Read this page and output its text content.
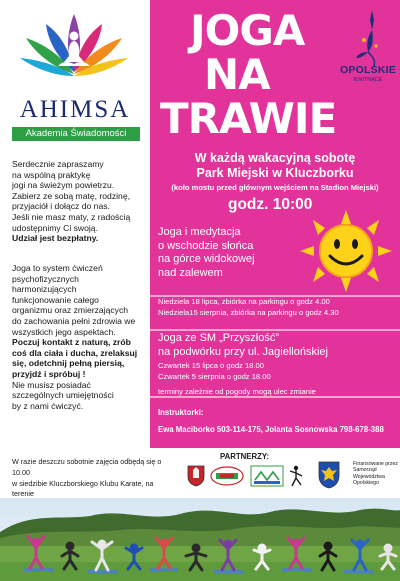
AHIMSA
Akademia Świadomości

Serdecznie zapraszamy

na wspólną praktykę

jogi na świeżym powietrzu.

Zabierz ze sobą matę, rodzinę,

przyjaciół i dołącz do nas.

Jeśli nie masz maty, z radością

udostępnimy Ci swoją.

Udział jest bezpłatny.

Joga to system ćwiczeń

psychofizycznych

harmonizujących

funkcjonowanie całego

organizmu oraz zmierzających

do zachowania pełni zdrowia we

wszystkich jego aspektach.

Poczuj kontakt z naturą, zrób

coś dla ciała i ducha, zrelaksuj

się, odetchnij pełną piersią,

przyjdź i spróbuj !

Nie musisz posiadać

szczególnych umiejętności

by z nami ćwiczyć.

JOGA
NA
TRAWIE
OPOLSKIE
KWITNĄCE
W każdą wakacyjną sobotę
Park Miejski w Kluczborku
(koło mostu przed głównym wejściem na Stadion Miejski)
godz. 10:00
Joga i medytacja
o wschodzie słońca
na górce widokowej
nad zalewem
Niedziela 18 lipca, zbiórka na parkingu o godz 4.00
Niedziela15 sierpnia, zbiórka na parkingu o godz 4.30
Joga ze SM „Przyszłość”
na podwórku przy ul. Jagiellońskiej
Czwartek 15 lipca o godz 18.00
Czwartek 5 sierpnia o godz 18.00
terminy zależnie od pogody mogą ulec zmianie
Instruktorki:
Ewa Maciborko 503-114-175, Jolanta Sosnowska 798-678-388
W razie deszczu sobotnie zajęcia odbędą się o 10.00
w siedzibie Kluczborskiego Klubu Karate, na terenie
PARTNERZY:
Finansowane przez Samorząd Województwa Opolskiego
